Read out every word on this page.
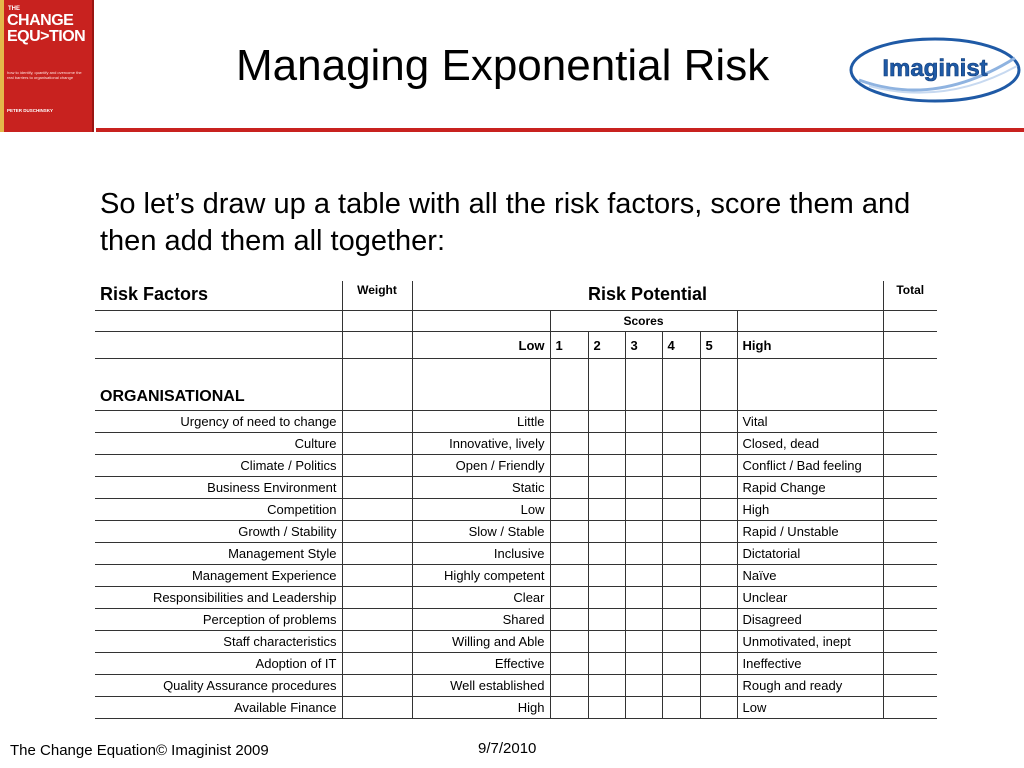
THE
CHANGE
EQU>TION
how to identify, quantify and overcome the real barriers to organisational change
PETER DUSCHINSKY
Managing Exponential Risk	Imaginist
So let’s draw up a table with all the risk factors, score them and then add them all together:
Risk Factors	Weight	Risk Potential							Total
			Scores						
		Low	1	2	3	4	5	High	
ORGANISATIONAL									
Urgency of need to change		Little						Vital	
Culture		Innovative, lively						Closed, dead	
Climate / Politics		Open / Friendly						Conflict / Bad feeling	
Business Environment		Static						Rapid Change	
Competition		Low						High	
Growth / Stability		Slow / Stable						Rapid / Unstable	
Management Style		Inclusive						Dictatorial	
Management Experience		Highly competent						Naïve	
Responsibilities and Leadership		Clear						Unclear	
Perception of problems		Shared						Disagreed	
Staff characteristics		Willing and Able						Unmotivated, inept	
Adoption of IT		Effective						Ineffective	
Quality Assurance procedures		Well established						Rough and ready	
Available Finance		High						Low	
The Change Equation© Imaginist 2009	9/7/2010
